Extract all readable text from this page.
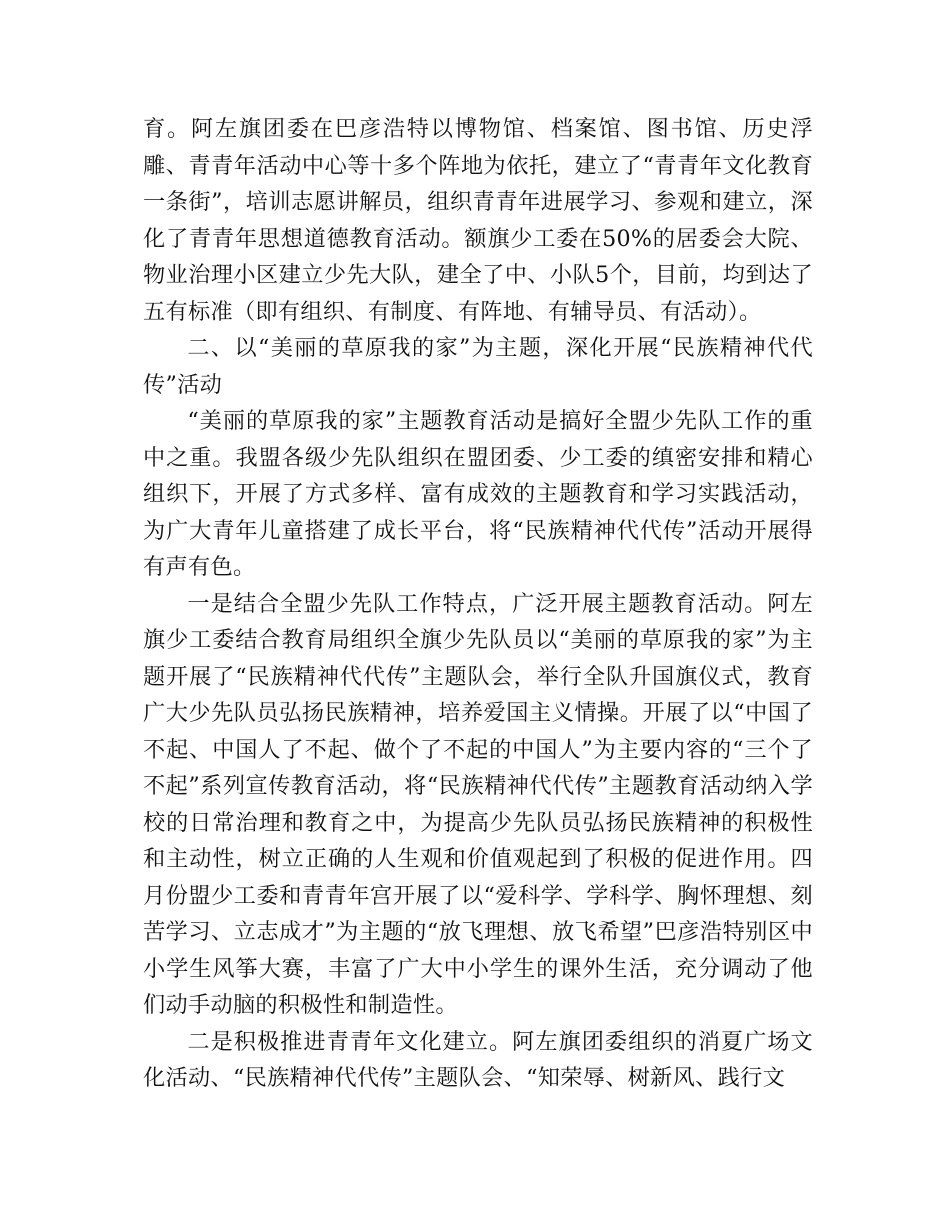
育。阿左旗团委在巴彦浩特以博物馆、档案馆、图书馆、历史浮雕、青青年活动中心等十多个阵地为依托，建立了“青青年文化教育一条街”，培训志愿讲解员，组织青青年进展学习、参观和建立，深化了青青年思想道德教育活动。额旗少工委在50%的居委会大院、物业治理小区建立少先大队，建全了中、小队5个，目前，均到达了五有标准（即有组织、有制度、有阵地、有辅导员、有活动）。

二、以“美丽的草原我的家”为主题，深化开展“民族精神代代传”活动

“美丽的草原我的家”主题教育活动是搞好全盟少先队工作的重中之重。我盟各级少先队组织在盟团委、少工委的缜密安排和精心组织下，开展了方式多样、富有成效的主题教育和学习实践活动，为广大青年儿童搭建了成长平台，将“民族精神代代传”活动开展得有声有色。

一是结合全盟少先队工作特点，广泛开展主题教育活动。阿左旗少工委结合教育局组织全旗少先队员以“美丽的草原我的家”为主题开展了“民族精神代代传”主题队会，举行全队升国旗仪式，教育广大少先队员弘扬民族精神，培养爱国主义情操。开展了以“中国了不起、中国人了不起、做个了不起的中国人”为主要内容的“三个了不起”系列宣传教育活动，将“民族精神代代传”主题教育活动纳入学校的日常治理和教育之中，为提高少先队员弘扬民族精神的积极性和主动性，树立正确的人生观和价值观起到了积极的促进作用。四月份盟少工委和青青年宫开展了以“爱科学、学科学、胸怀理想、刻苦学习、立志成才”为主题的“放飞理想、放飞希望”巴彦浩特别区中小学生风筝大赛，丰富了广大中小学生的课外生活，充分调动了他们动手动脑的积极性和制造性。

二是积极推进青青年文化建立。阿左旗团委组织的消夏广场文化活动、“民族精神代代传”主题队会、“知荣辱、树新风、践行文
